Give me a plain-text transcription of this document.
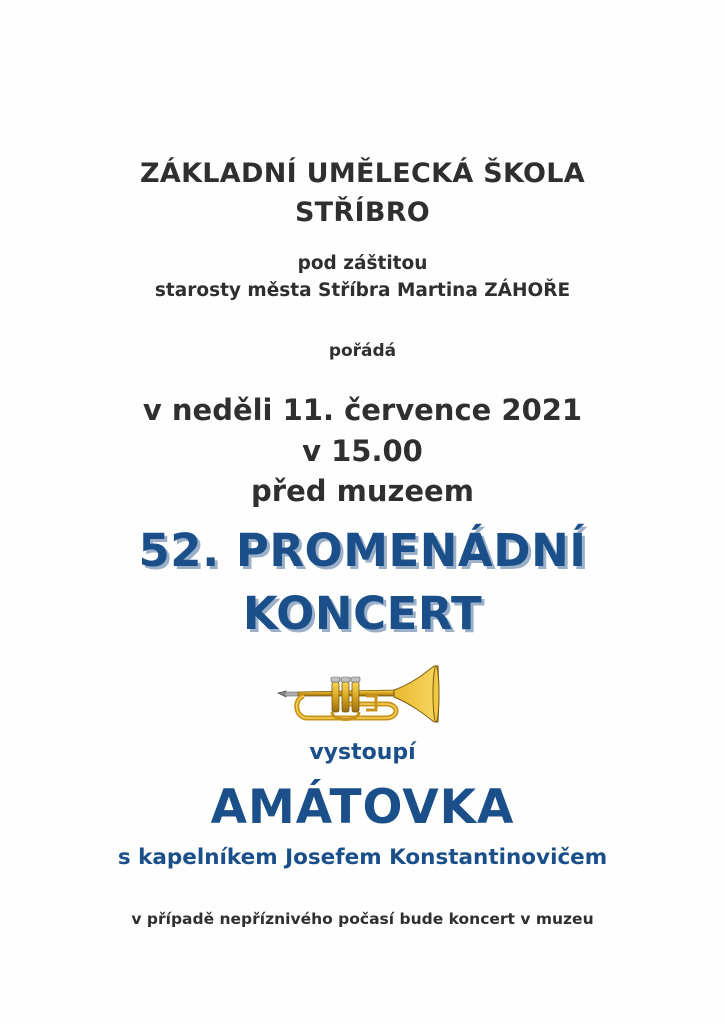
ZÁKLADNÍ UMĚLECKÁ ŠKOLA
STŘÍBRO
pod záštitou
starosty města Stříbra Martina ZÁHOŘE
pořádá
v neděli 11. července 2021
v 15.00
před muzeem
52. PROMENÁDNÍ
KONCERT
vystoupí
AMÁTOVKA
s kapelníkem Josefem Konstantinovičem
v případě nepříznivého počasí bude koncert v muzeu
